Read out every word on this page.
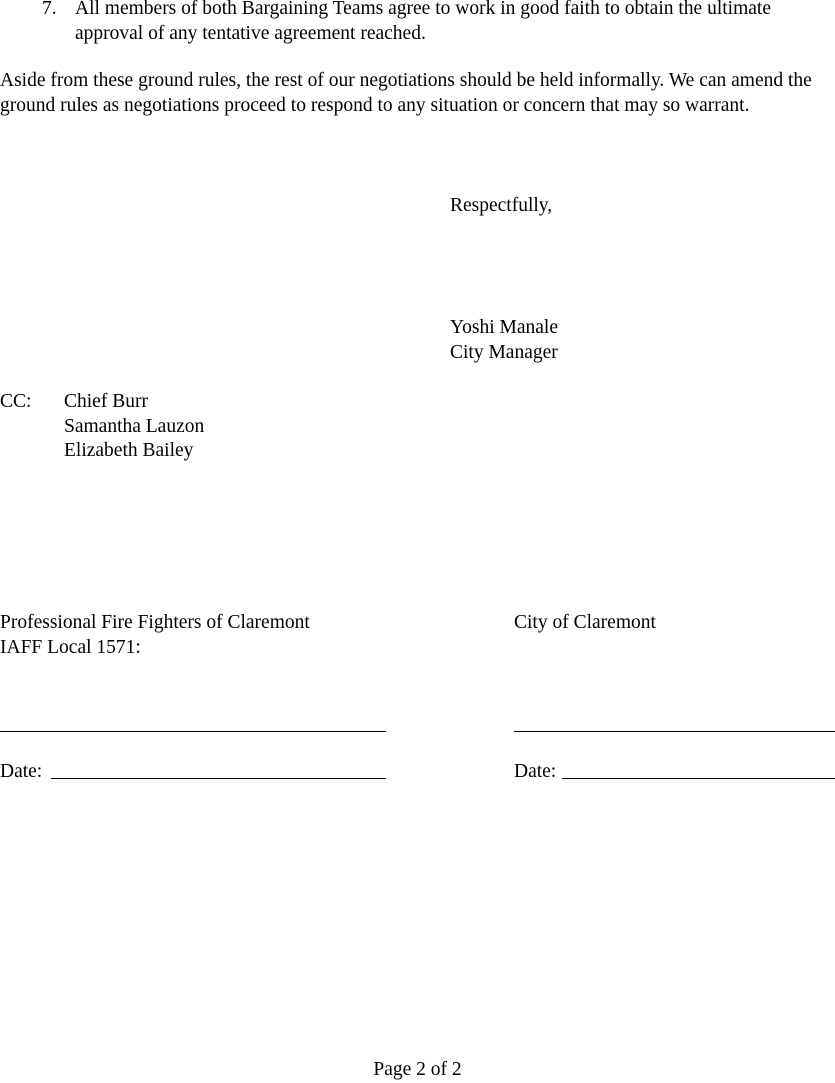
7. All members of both Bargaining Teams agree to work in good faith to obtain the ultimate approval of any tentative agreement reached.
Aside from these ground rules, the rest of our negotiations should be held informally. We can amend the ground rules as negotiations proceed to respond to any situation or concern that may so warrant.
Respectfully,
Yoshi Manale
City Manager
CC: Chief Burr
Samantha Lauzon
Elizabeth Bailey
Professional Fire Fighters of Claremont
IAFF Local 1571:
City of Claremont
Date:	Date:
Page 2 of 2
